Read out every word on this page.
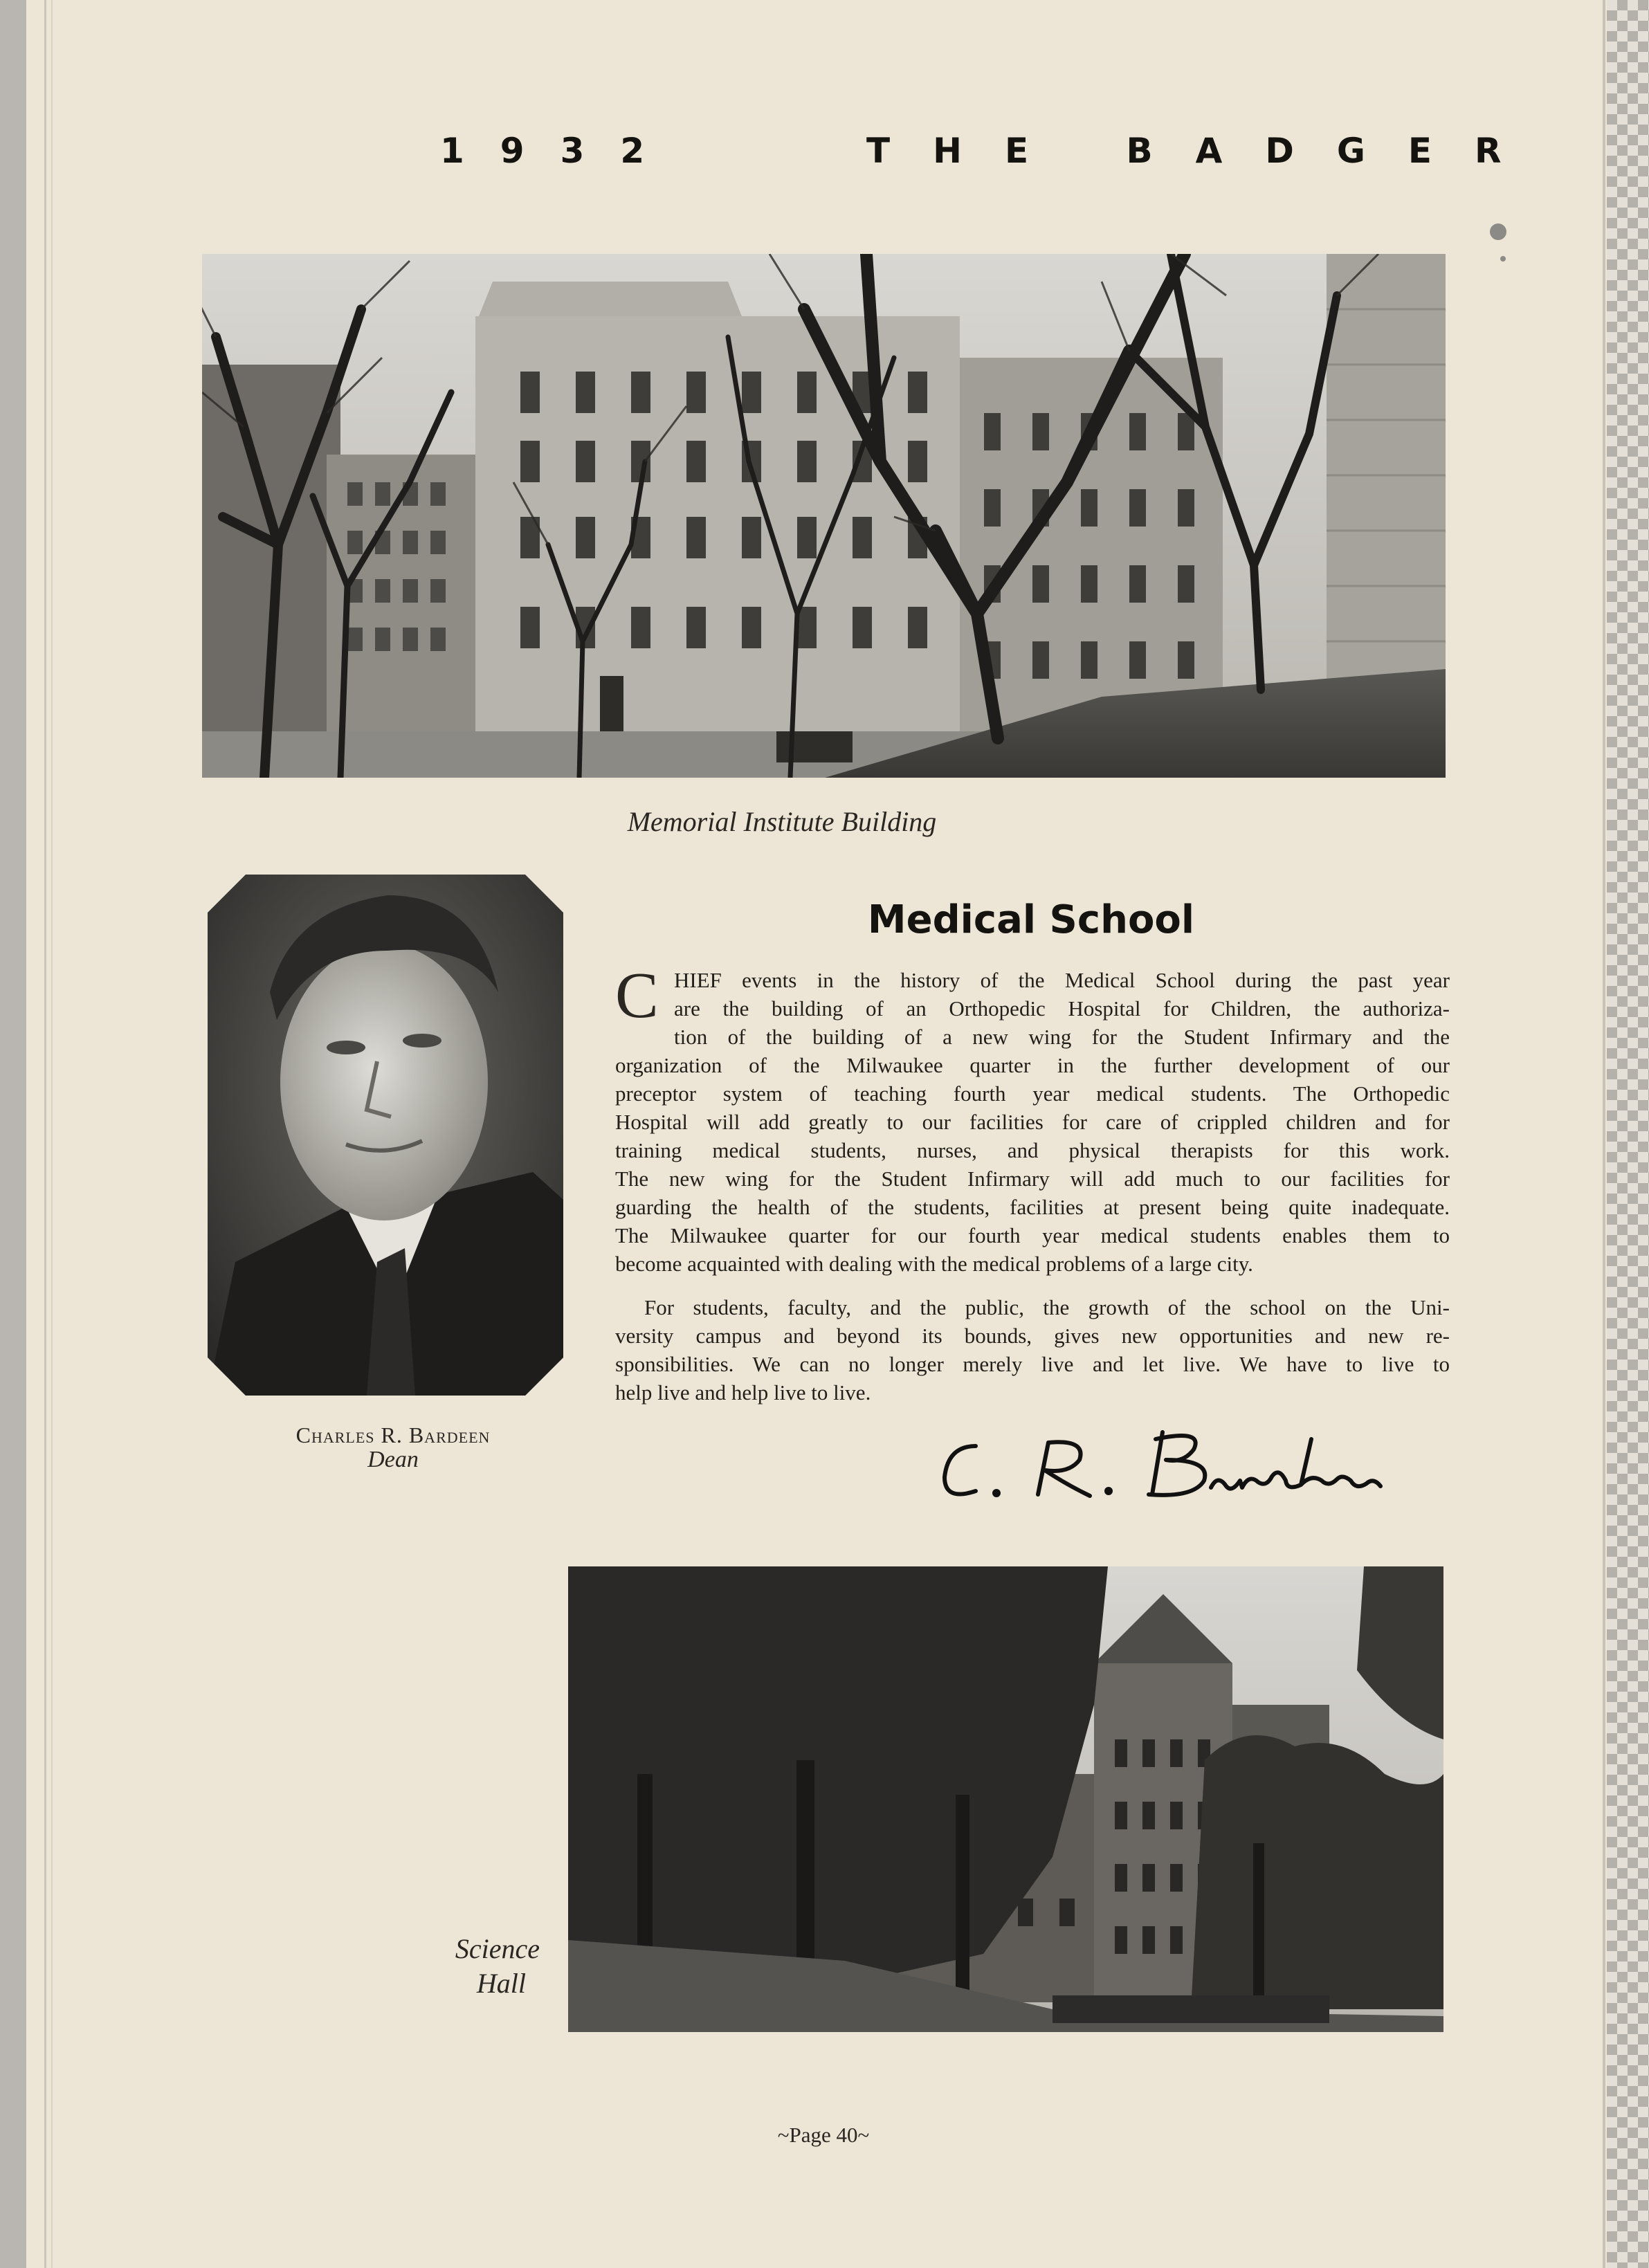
1932	THE BADGER
Memorial Institute Building
Charles R. Bardeen
Dean
Medical School
C HIEF events in the history of the Medical School during the past year
are the building of an Orthopedic Hospital for Children, the authoriza-
tion of the building of a new wing for the Student Infirmary and the
organization of the Milwaukee quarter in the further development of our
preceptor system of teaching fourth year medical students. The Orthopedic
Hospital will add greatly to our facilities for care of crippled children and for
training medical students, nurses, and physical therapists for this work.
The new wing for the Student Infirmary will add much to our facilities for
guarding the health of the students, facilities at present being quite inadequate.
The Milwaukee quarter for our fourth year medical students enables them to
become acquainted with dealing with the medical problems of a large city.
For students, faculty, and the public, the growth of the school on the Uni-
versity campus and beyond its bounds, gives new opportunities and new re-
sponsibilities. We can no longer merely live and let live. We have to live to
help live and help live to live.
Science
Hall
~Page 40~
